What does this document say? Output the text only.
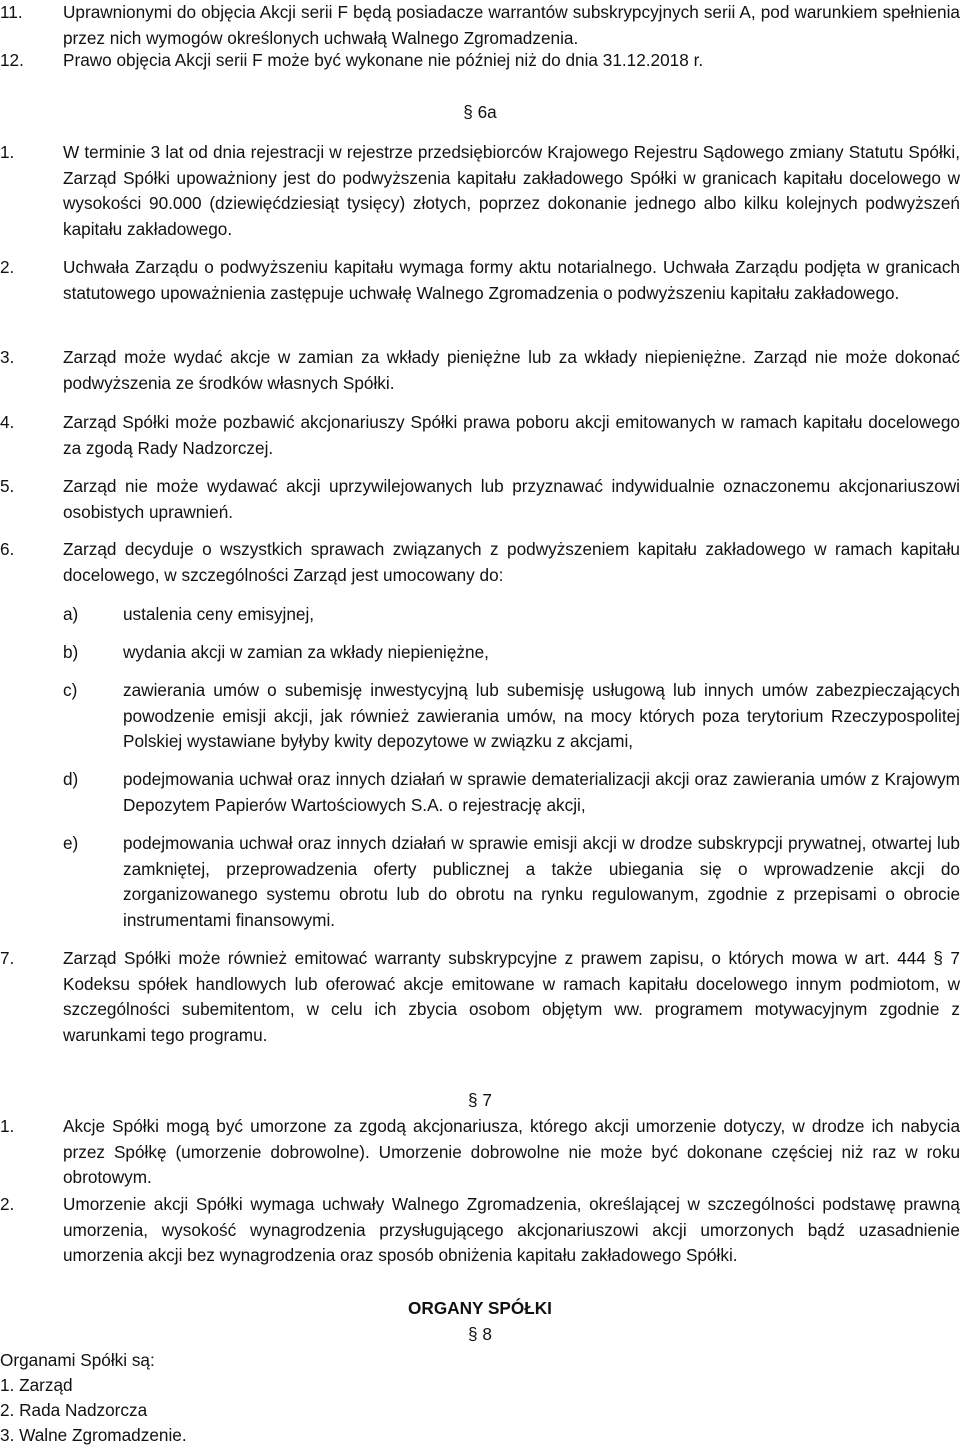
11. Uprawnionymi do objęcia Akcji serii F będą posiadacze warrantów subskrypcyjnych serii A, pod warunkiem spełnienia przez nich wymogów określonych uchwałą Walnego Zgromadzenia.
12. Prawo objęcia Akcji serii F może być wykonane nie później niż do dnia 31.12.2018 r.
§ 6a
1.	W terminie 3 lat od dnia rejestracji w rejestrze przedsiębiorców Krajowego Rejestru Sądowego zmiany Statutu Spółki, Zarząd Spółki upoważniony jest do podwyższenia kapitału zakładowego Spółki w granicach kapitału docelowego w wysokości 90.000 (dziewięćdziesiąt tysięcy) złotych, poprzez dokonanie jednego albo kilku kolejnych podwyższeń kapitału zakładowego.
2.	Uchwała Zarządu o podwyższeniu kapitału wymaga formy aktu notarialnego. Uchwała Zarządu podjęta w granicach statutowego upoważnienia zastępuje uchwałę Walnego Zgromadzenia o podwyższeniu kapitału zakładowego.
3.	Zarząd może wydać akcje w zamian za wkłady pieniężne lub za wkłady niepieniężne. Zarząd nie może dokonać podwyższenia ze środków własnych Spółki.
4.	Zarząd Spółki może pozbawić akcjonariuszy Spółki prawa poboru akcji emitowanych w ramach kapitału docelowego za zgodą Rady Nadzorczej.
5.	Zarząd nie może wydawać akcji uprzywilejowanych lub przyznawać indywidualnie oznaczonemu akcjonariuszowi osobistych uprawnień.
6.	Zarząd decyduje o wszystkich sprawach związanych z podwyższeniem kapitału zakładowego w ramach kapitału docelowego, w szczególności Zarząd jest umocowany do:
a)	ustalenia ceny emisyjnej,
b)	wydania akcji w zamian za wkłady niepieniężne,
c)	zawierania umów o subemisję inwestycyjną lub subemisję usługową lub innych umów zabezpieczających powodzenie emisji akcji, jak również zawierania umów, na mocy których poza terytorium Rzeczypospolitej Polskiej wystawiane byłyby kwity depozytowe w związku z akcjami,
d)	podejmowania uchwał oraz innych działań w sprawie dematerializacji akcji oraz zawierania umów z Krajowym Depozytem Papierów Wartościowych S.A. o rejestrację akcji,
e)	podejmowania uchwał oraz innych działań w sprawie emisji akcji w drodze subskrypcji prywatnej, otwartej lub zamkniętej, przeprowadzenia oferty publicznej a także ubiegania się o wprowadzenie akcji do zorganizowanego systemu obrotu lub do obrotu na rynku regulowanym, zgodnie z przepisami o obrocie instrumentami finansowymi.
7.	Zarząd Spółki może również emitować warranty subskrypcyjne z prawem zapisu, o których mowa w art. 444 § 7 Kodeksu spółek handlowych lub oferować akcje emitowane w ramach kapitału docelowego innym podmiotom, w szczególności subemitentom, w celu ich zbycia osobom objętym ww. programem motywacyjnym zgodnie z warunkami tego programu.
§ 7
1.	Akcje Spółki mogą być umorzone za zgodą akcjonariusza, którego akcji umorzenie dotyczy, w drodze ich nabycia przez Spółkę (umorzenie dobrowolne). Umorzenie dobrowolne nie może być dokonane częściej niż raz w roku obrotowym.
2.	Umorzenie akcji Spółki wymaga uchwały Walnego Zgromadzenia, określającej w szczególności podstawę prawną umorzenia, wysokość wynagrodzenia przysługującego akcjonariuszowi akcji umorzonych bądź uzasadnienie umorzenia akcji bez wynagrodzenia oraz sposób obniżenia kapitału zakładowego Spółki.
ORGANY SPÓŁKI
§ 8
Organami Spółki są:
1. Zarząd
2. Rada Nadzorcza
3. Walne Zgromadzenie.
